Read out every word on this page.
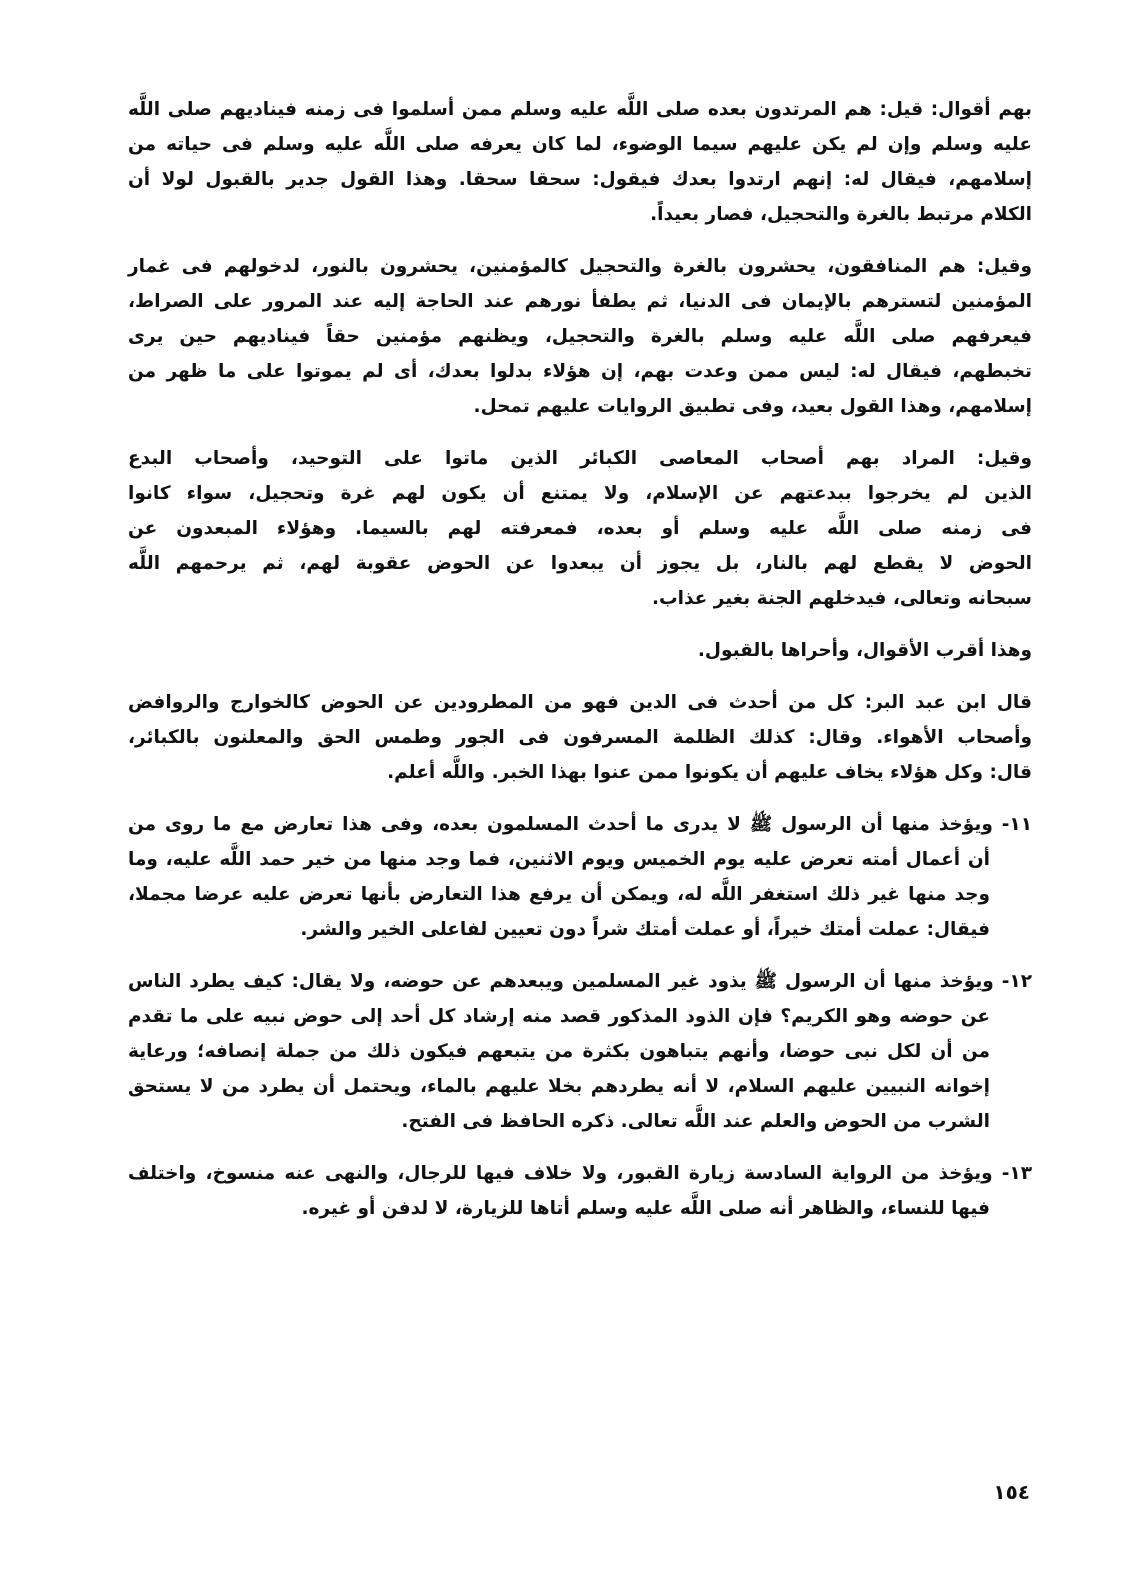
بهم أقوال: قيل: هم المرتدون بعده صلى اللَّه عليه وسلم ممن أسلموا فى زمنه فيناديهم صلى اللَّه
عليه وسلم وإن لم يكن عليهم سيما الوضوء، لما كان يعرفه صلى اللَّه عليه وسلم فى حياته من
إسلامهم، فيقال له: إنهم ارتدوا بعدك فيقول: سحقا سحقا. وهذا القول جدير بالقبول لولا أن
الكلام مرتبط بالغرة والتحجيل، فصار بعيداً.
وقيل: هم المنافقون، يحشرون بالغرة والتحجيل كالمؤمنين، يحشرون بالنور، لدخولهم فى غمار
المؤمنين لتسترهم بالإيمان فى الدنيا، ثم يطفأ نورهم عند الحاجة إليه عند المرور على الصراط،
فيعرفهم صلى اللَّه عليه وسلم بالغرة والتحجيل، ويظنهم مؤمنين حقاً فيناديهم حين يرى
تخبطهم، فيقال له: ليس ممن وعدت بهم، إن هؤلاء بدلوا بعدك، أى لم يموتوا على ما ظهر من
إسلامهم، وهذا القول بعيد، وفى تطبيق الروايات عليهم تمحل.
وقيل: المراد بهم أصحاب المعاصى الكبائر الذين ماتوا على التوحيد، وأصحاب البدع
الذين لم يخرجوا ببدعتهم عن الإسلام، ولا يمتنع أن يكون لهم غرة وتحجيل، سواء كانوا
فى زمنه صلى اللَّه عليه وسلم أو بعده، فمعرفته لهم بالسيما. وهؤلاء المبعدون عن
الحوض لا يقطع لهم بالنار، بل يجوز أن يبعدوا عن الحوض عقوبة لهم، ثم يرحمهم اللَّه
سبحانه وتعالى، فيدخلهم الجنة بغير عذاب.
وهذا أقرب الأقوال، وأحراها بالقبول.
قال ابن عبد البر: كل من أحدث فى الدين فهو من المطرودين عن الحوض كالخوارج والروافض
وأصحاب الأهواء. وقال: كذلك الظلمة المسرفون فى الجور وطمس الحق والمعلنون بالكبائر،
قال: وكل هؤلاء يخاف عليهم أن يكونوا ممن عنوا بهذا الخبر. واللَّه أعلم.
١١- ويؤخذ منها أن الرسول ﷺ لا يدرى ما أحدث المسلمون بعده، وفى هذا تعارض مع ما روى من
أن أعمال أمته تعرض عليه يوم الخميس ويوم الاثنين، فما وجد منها من خير حمد اللَّه عليه، وما
وجد منها غير ذلك استغفر اللَّه له، ويمكن أن يرفع هذا التعارض بأنها تعرض عليه عرضا مجملا،
فيقال: عملت أمتك خيراً، أو عملت أمتك شراً دون تعيين لفاعلى الخير والشر.
١٢- ويؤخذ منها أن الرسول ﷺ يذود غير المسلمين ويبعدهم عن حوضه، ولا يقال: كيف يطرد الناس
عن حوضه وهو الكريم؟ فإن الذود المذكور قصد منه إرشاد كل أحد إلى حوض نبيه على ما تقدم
من أن لكل نبى حوضا، وأنهم يتباهون بكثرة من يتبعهم فيكون ذلك من جملة إنصافه؛ ورعاية
إخوانه النبيين عليهم السلام، لا أنه يطردهم بخلا عليهم بالماء، ويحتمل أن يطرد من لا يستحق
الشرب من الحوض والعلم عند اللَّه تعالى. ذكره الحافظ فى الفتح.
١٣- ويؤخذ من الرواية السادسة زيارة القبور، ولا خلاف فيها للرجال، والنهى عنه منسوخ، واختلف
فيها للنساء، والظاهر أنه صلى اللَّه عليه وسلم أتاها للزيارة، لا لدفن أو غيره.
١٥٤
